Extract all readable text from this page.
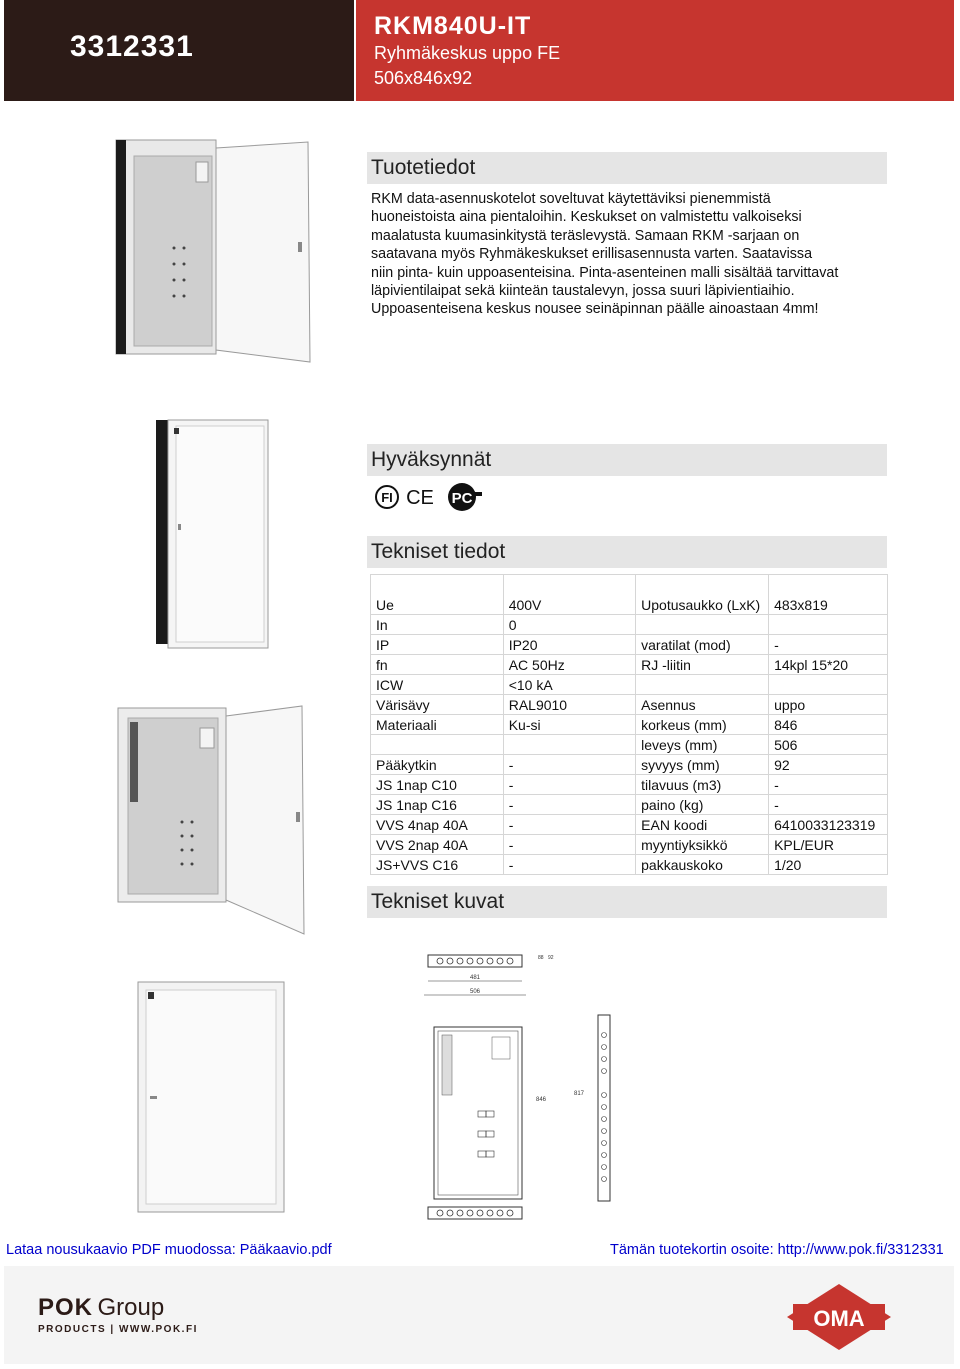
3312331
RKM840U-IT
Ryhmäkeskus uppo FE
506x846x92
Tuotetiedot
RKM data-asennuskotelot soveltuvat käytettäviksi pienemmistä
huoneistoista aina pientaloihin. Keskukset on valmistettu valkoiseksi
maalatusta kuumasinkitystä teräslevystä. Samaan RKM -sarjaan on
saatavana myös Ryhmäkeskukset erillisasennusta varten. Saatavissa
niin pinta- kuin uppoasenteisina. Pinta-asenteinen malli sisältää tarvittavat
läpivientilaipat sekä kiinteän taustalevyn, jossa suuri läpivientiaihio.
Uppoasenteisena keskus nousee seinäpinnan päälle ainoastaan 4mm!
Hyväksynnät
FI CE PC
Tekniset tiedot

Ue	400V	Upotusaukko (LxK)	483x819
In	0		
IP	IP20	varatilat (mod)	-
fn	AC 50Hz	RJ -liitin	14kpl 15*20
ICW	<10 kA		
Värisävy	RAL9010	Asennus	uppo
Materiaali	Ku-si	korkeus (mm)	846
		leveys (mm)	506
Pääkytkin	-	syvyys (mm)	92
JS 1nap C10	-	tilavuus (m3)	-
JS 1nap C16	-	paino (kg)	-
VVS 4nap 40A	-	EAN koodi	6410033123319
VVS 2nap 40A	-	myyntiyksikkö	KPL/EUR
JS+VVS C16	-	pakkauskoko	1/20
Tekniset kuvat
481
506
88 92
846
817
Lataa nousukaavio PDF muodossa: Pääkaavio.pdf	Tämän tuotekortin osoite: http://www.pok.fi/3312331
POK Group
PRODUCTS | WWW.POK.FI	OMA
